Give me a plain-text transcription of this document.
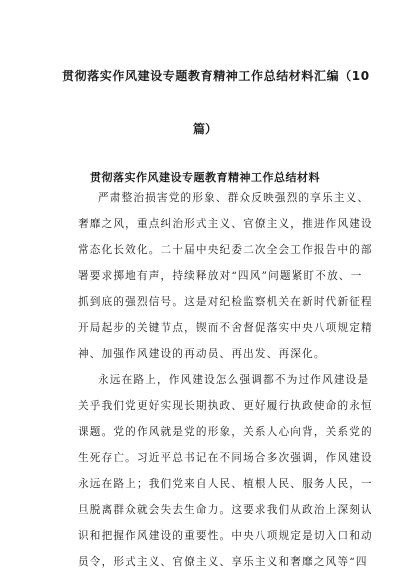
贯彻落实作风建设专题教育精神工作总结材料汇编（10
篇）
贯彻落实作风建设专题教育精神工作总结材料
严肃整治损害党的形象、群众反映强烈的享乐主义、
奢靡之风，重点纠治形式主义、官僚主义，推进作风建设
常态化长效化。二十届中央纪委二次全会工作报告中的部
署要求掷地有声，持续释放对“四风”问题紧盯不放、一
抓到底的强烈信号。这是对纪检监察机关在新时代新征程
开局起步的关键节点，锲而不舍督促落实中央八项规定精
神、加强作风建设的再动员、再出发、再深化。
永远在路上，作风建设怎么强调都不为过作风建设是
关乎我们党更好实现长期执政、更好履行执政使命的永恒
课题。党的作风就是党的形象，关系人心向背，关系党的
生死存亡。习近平总书记在不同场合多次强调，作风建设
永远在路上；我们党来自人民、植根人民、服务人民，一
旦脱离群众就会失去生命力。这要求我们从政治上深刻认
识和把握作风建设的重要性。中央八项规定是切入口和动
员令，形式主义、官僚主义、享乐主义和奢靡之风等“四
